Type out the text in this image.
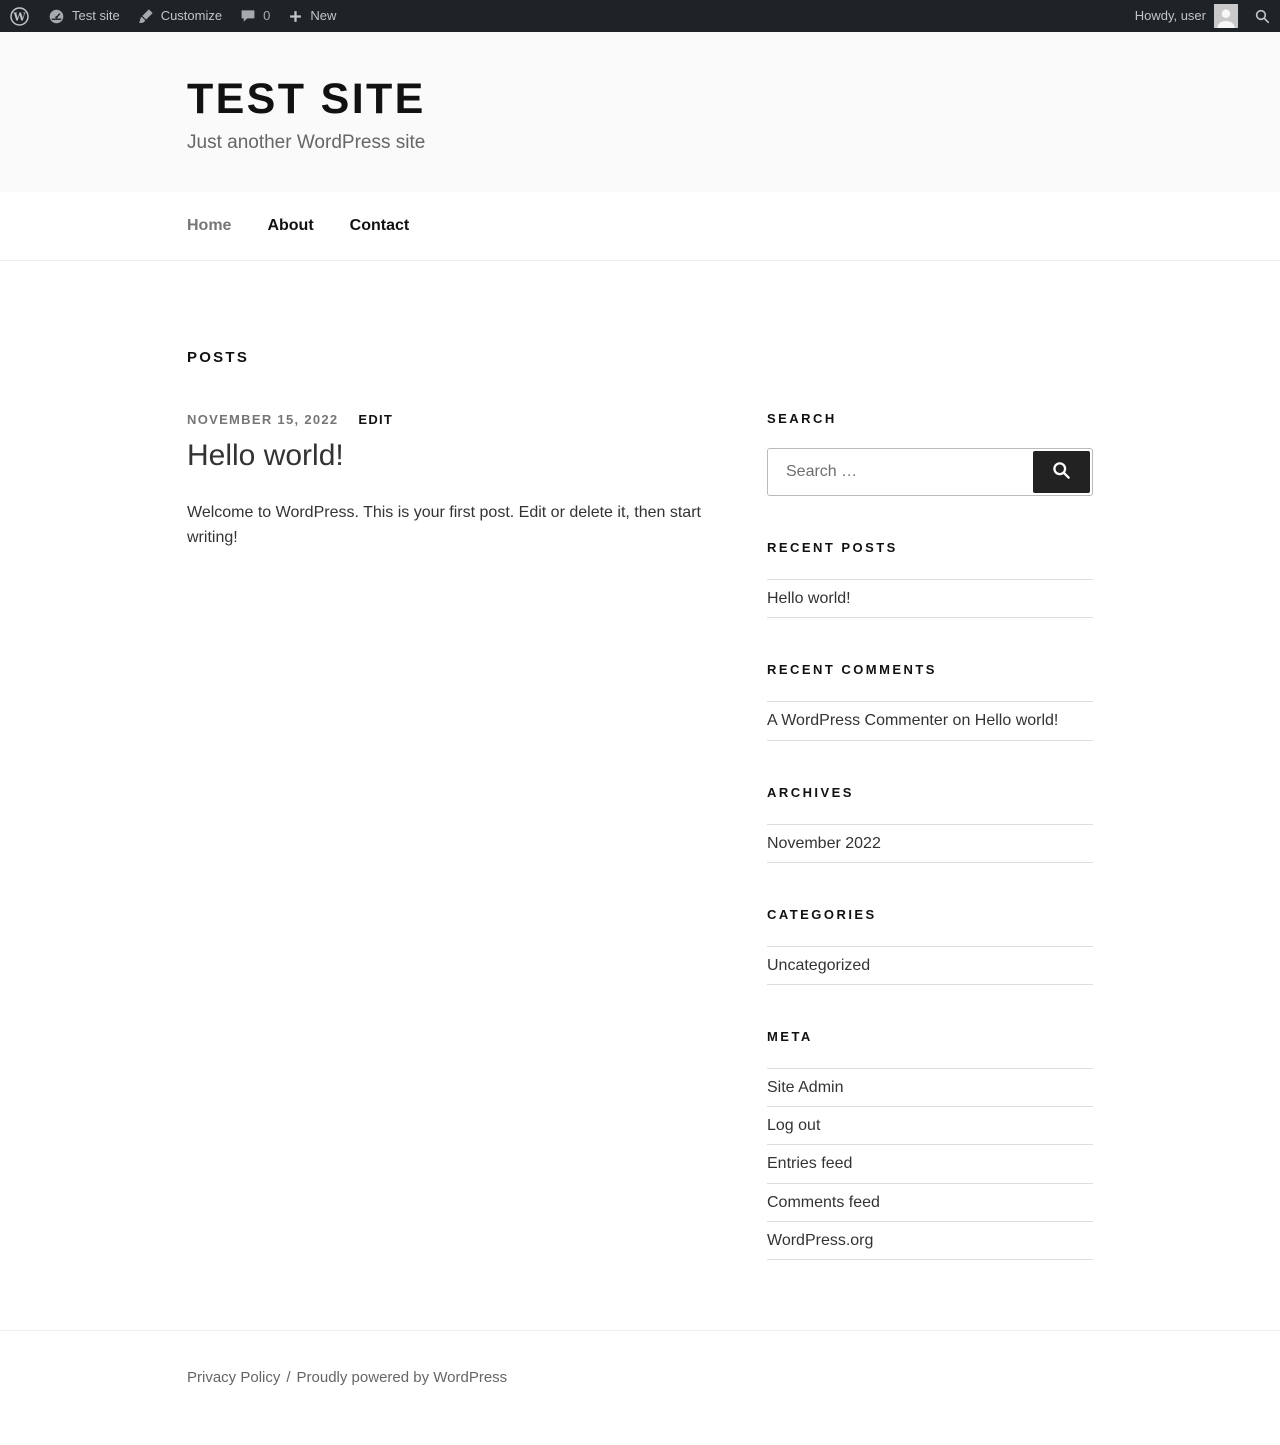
W	Test site	Customize	0	New	Howdy, user
TEST SITE
Just another WordPress site
Home About Contact
POSTS
NOVEMBER 15, 2022 EDIT
Hello world!

Welcome to WordPress. This is your first post. Edit or delete it, then start writing!

SEARCH
Search …
RECENT POSTS
Hello world!
RECENT COMMENTS
A WordPress Commenter on Hello world!
ARCHIVES
November 2022
CATEGORIES
Uncategorized
META
Site Admin
Log out
Entries feed
Comments feed
WordPress.org
Privacy Policy / Proudly powered by WordPress
